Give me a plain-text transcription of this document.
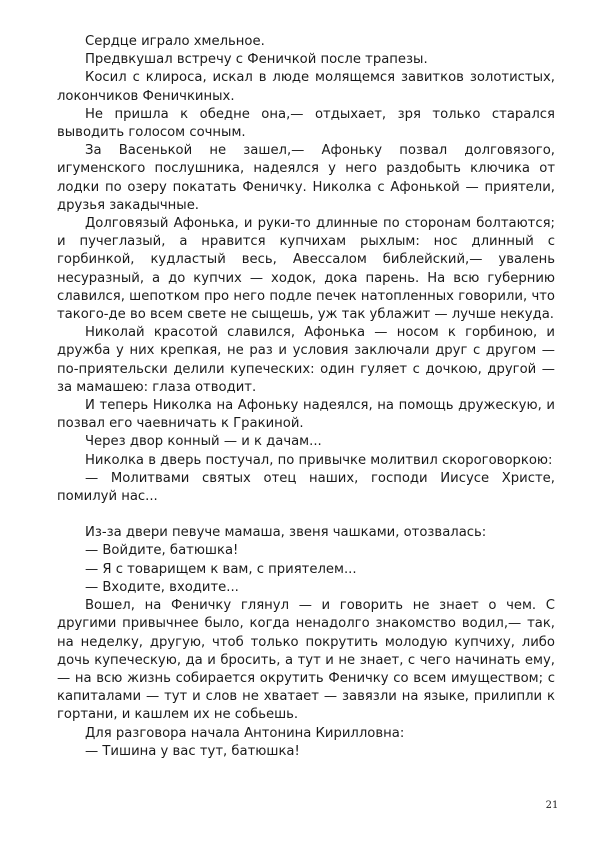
Сердце играло хмельное.

Предвкушал встречу с Феничкой после трапезы.

Косил с клироса, искал в люде молящемся завитков золотистых, локончиков Феничкиных.

Не пришла к обедне она,— отдыхает, зря только старался выводить голосом сочным.

За Васенькой не зашел,— Афоньку позвал долговязого, игуменского послушника, надеялся у него раздобыть ключика от лодки по озеру покатать Феничку. Николка с Афонькой — приятели, друзья закадычные.

Долговязый Афонька, и руки-то длинные по сторонам болтаются; и пучеглазый, а нравится купчихам рыхлым: нос длинный с горбинкой, кудластый весь, Авессалом библейский,— увалень несуразный, а до купчих — ходок, дока парень. На всю губернию славился, шепотком про него подле печек натопленных говорили, что такого-де во всем свете не сыщешь, уж так ублажит — лучше некуда.

Николай красотой славился, Афонька — носом к горбиною, и дружба у них крепкая, не раз и условия заключали друг с другом — по-приятельски делили купеческих: один гуляет с дочкою, другой — за мамашею: глаза отводит.

И теперь Николка на Афоньку надеялся, на помощь дружескую, и позвал его чаевничать к Гракиной.

Через двор конный — и к дачам...

Николка в дверь постучал, по привычке молитвил скороговоркою:

— Молитвами святых отец наших, господи Иисусе Христе, помилуй нас...

Из-за двери певуче мамаша, звеня чашками, отозвалась:

— Войдите, батюшка!

— Я с товарищем к вам, с приятелем...

— Входите, входите...

Вошел, на Феничку глянул — и говорить не знает о чем. С другими привычнее было, когда ненадолго знакомство водил,— так, на неделку, другую, чтоб только покрутить молодую купчиху, либо дочь купеческую, да и бросить, а тут и не знает, с чего начинать ему, — на всю жизнь собирается окрутить Феничку со всем имуществом; с капиталами — тут и слов не хватает — завязли на языке, прилипли к гортани, и кашлем их не собьешь.

Для разговора начала Антонина Кирилловна:

— Тишина у вас тут, батюшка!

21
